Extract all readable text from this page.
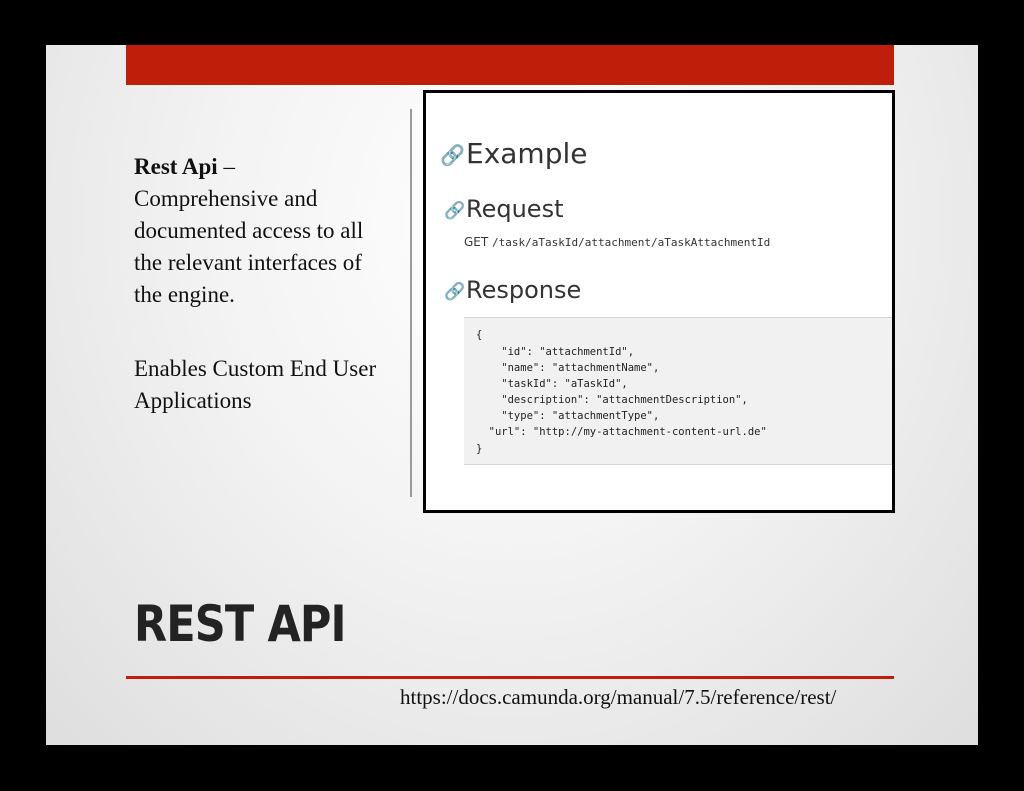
Rest Api – Comprehensive and documented access to all the relevant interfaces of the engine.

Enables Custom End User Applications

🔗 Example
🔗 Request
GET /task/aTaskId/attachment/aTaskAttachmentId
🔗 Response
{
"id": "attachmentId",
"name": "attachmentName",
"taskId": "aTaskId",
"description": "attachmentDescription",
"type": "attachmentType",
"url": "http://my-attachment-content-url.de"
}
REST API
https://docs.camunda.org/manual/7.5/reference/rest/
